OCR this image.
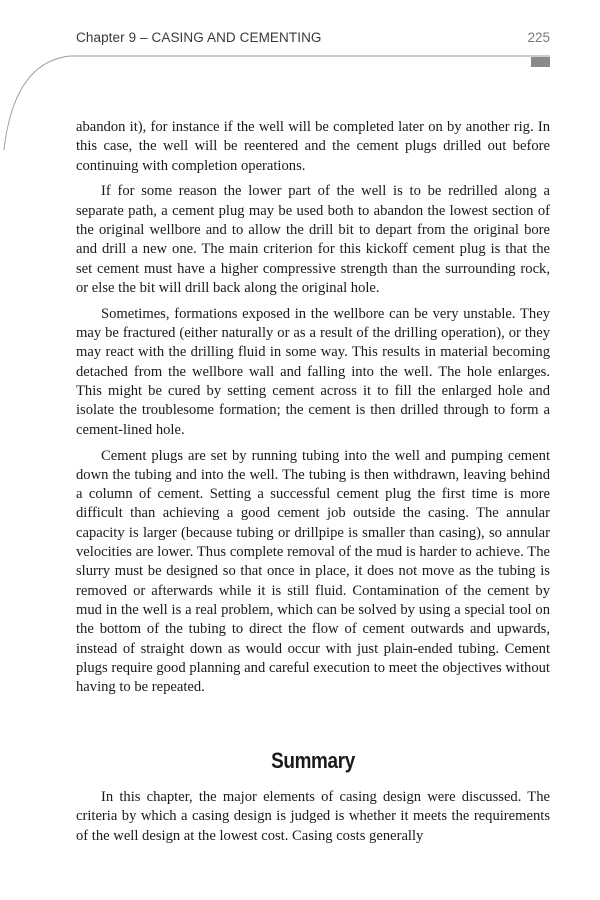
Chapter 9 – CASING AND CEMENTING	225

abandon it), for instance if the well will be completed later on by another rig. In this case, the well will be reentered and the cement plugs drilled out before continuing with completion operations.

If for some reason the lower part of the well is to be redrilled along a separate path, a cement plug may be used both to abandon the lowest section of the original wellbore and to allow the drill bit to depart from the original bore and drill a new one. The main criterion for this kickoff cement plug is that the set cement must have a higher compressive strength than the surrounding rock, or else the bit will drill back along the original hole.

Sometimes, formations exposed in the wellbore can be very unstable. They may be fractured (either naturally or as a result of the drilling operation), or they may react with the drilling fluid in some way. This results in material becoming detached from the wellbore wall and falling into the well. The hole enlarges. This might be cured by setting cement across it to fill the enlarged hole and isolate the troublesome formation; the cement is then drilled through to form a cement-lined hole.

Cement plugs are set by running tubing into the well and pumping cement down the tubing and into the well. The tubing is then withdrawn, leaving behind a column of cement. Setting a successful cement plug the first time is more difficult than achieving a good cement job outside the casing. The annular capacity is larger (because tubing or drillpipe is smaller than casing), so annular velocities are lower. Thus complete removal of the mud is harder to achieve. The slurry must be designed so that once in place, it does not move as the tubing is removed or afterwards while it is still fluid. Contamination of the cement by mud in the well is a real problem, which can be solved by using a special tool on the bottom of the tubing to direct the flow of cement outwards and upwards, instead of straight down as would occur with just plain-ended tubing. Cement plugs require good planning and careful execution to meet the objectives without having to be repeated.

Summary

In this chapter, the major elements of casing design were discussed. The criteria by which a casing design is judged is whether it meets the requirements of the well design at the lowest cost. Casing costs generally
